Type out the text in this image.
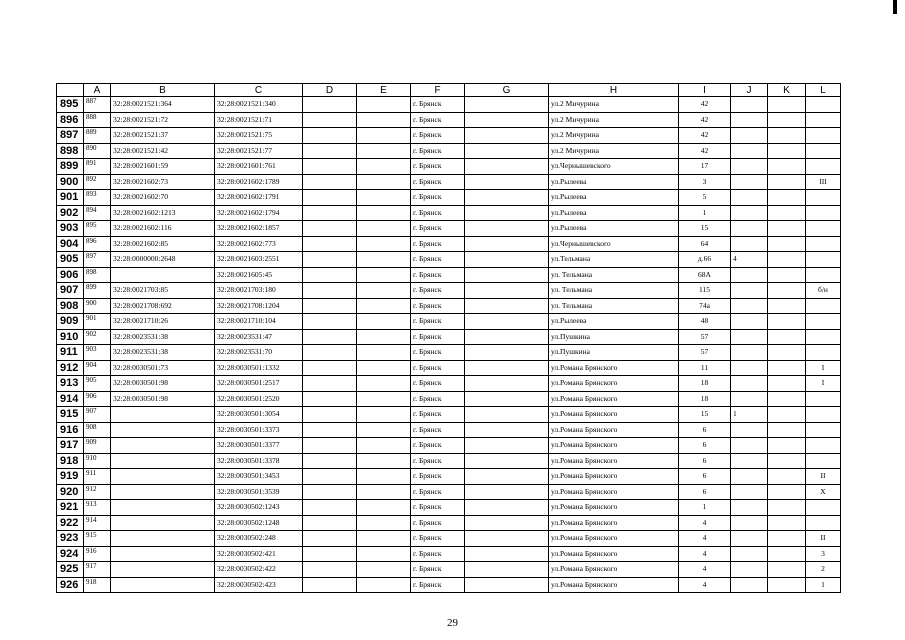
	A	B	C	D	E	F	G	H	I	J	K	L
895	887	32:28:0021521:364	32:28:0021521:340			г. Брянск		ул.2 Мичурина	42			
896	888	32:28:0021521:72	32:28:0021521:71			г. Брянск		ул.2 Мичурина	42			
897	889	32:28:0021521:37	32:28:0021521:75			г. Брянск		ул.2 Мичурина	42			
898	890	32:28:0021521:42	32:28:0021521:77			г. Брянск		ул.2 Мичурина	42			
899	891	32:28:0021601:59	32:28:0021601:761			г. Брянск		ул.Чернышевского	17			
900	892	32:28:0021602:73	32:28:0021602:1789			г. Брянск		ул.Рылеева	3			III
901	893	32:28:0021602:70	32:28:0021602:1791			г. Брянск		ул.Рылеева	5			
902	894	32:28:0021602:1213	32:28:0021602:1794			г. Брянск		ул.Рылеева	1			
903	895	32:28:0021602:116	32:28:0021602:1857			г. Брянск		ул.Рылеева	15			
904	896	32:28:0021602:85	32:28:0021602:773			г. Брянск		ул.Чернышевского	64			
905	897	32:28:0000000:2648	32:28:0021603:2551			г. Брянск		ул.Тельмана	д.66	4		
906	898		32:28:0021605:45			г. Брянск		ул. Тельмана	68А			
907	899	32:28:0021703:85	32:28:0021703:180			г. Брянск		ул. Тельмана	115			б/н
908	900	32:28:0021708:692	32:28:0021708:1204			г. Брянск		ул. Тельмана	74а			
909	901	32:28:0021710:26	32:28:0021710:104			г. Брянск		ул.Рылеева	48			
910	902	32:28:0023531:38	32:28:0023531:47			г. Брянск		ул.Пушкина	57			
911	903	32:28:0023531:38	32:28:0023531:70			г. Брянск		ул.Пушкина	57			
912	904	32:28:0030501:73	32:28:0030501:1332			г. Брянск		ул.Романа Брянского	11			I
913	905	32:28:0030501:98	32:28:0030501:2517			г. Брянск		ул.Романа Брянского	18			I
914	906	32:28:0030501:98	32:28:0030501:2520			г. Брянск		ул.Романа Брянского	18			
915	907		32:28:0030501:3054			г. Брянск		ул.Романа Брянского	15	1		
916	908		32:28:0030501:3373			г. Брянск		ул.Романа Брянского	6			
917	909		32:28:0030501:3377			г. Брянск		ул.Романа Брянского	6			
918	910		32:28:0030501:3378			г. Брянск		ул.Романа Брянского	6			
919	911		32:28:0030501:3453			г. Брянск		ул.Романа Брянского	6			II
920	912		32:28:0030501:3539			г. Брянск		ул.Романа Брянского	6			X
921	913		32:28:0030502:1243			г. Брянск		ул.Романа Брянского	1			
922	914		32:28:0030502:1248			г. Брянск		ул.Романа Брянского	4			
923	915		32:28:0030502:248			г. Брянск		ул.Романа Брянского	4			II
924	916		32:28:0030502:421			г. Брянск		ул.Романа Брянского	4			3
925	917		32:28:0030502:422			г. Брянск		ул.Романа Брянского	4			2
926	918		32:28:0030502:423			г. Брянск		ул.Романа Брянского	4			1
29
